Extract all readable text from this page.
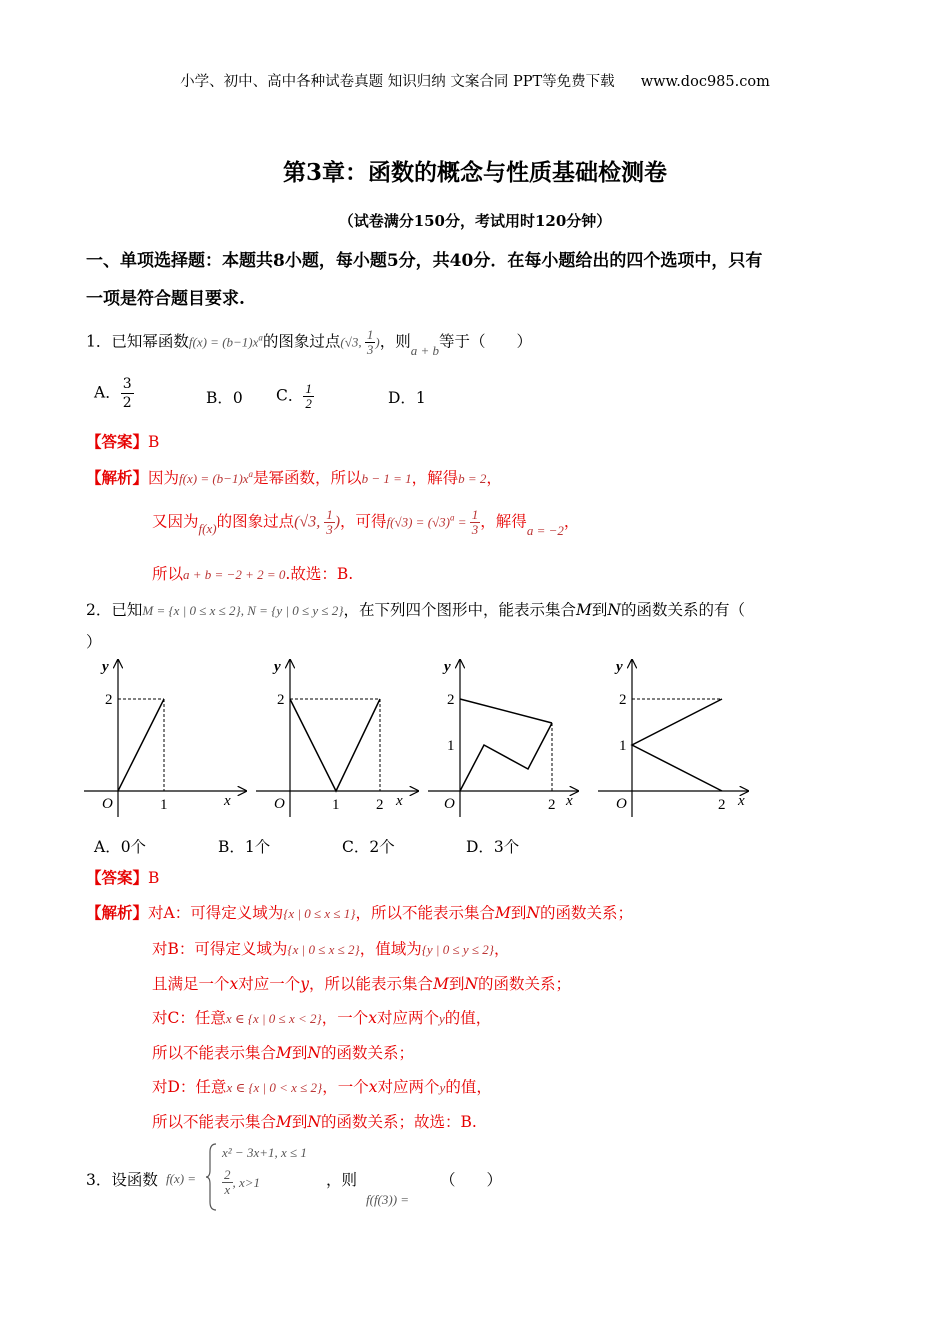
小学、初中、高中各种试卷真题 知识归纳 文案合同 PPT等免费下载 www.doc985.com
第3章：函数的概念与性质基础检测卷
（试卷满分150分，考试用时120分钟）
一、单项选择题：本题共8小题，每小题5分，共40分．在每小题给出的四个选项中，只有
一项是符合题目要求.
1．已知幂函数$f(x) = (b-1)x^a$的图象过点(√3, $\frac{1}{3}$ )，则$_{a + b}$等于（　　）
A． $\frac{3}{2}$	B．0 C． $\frac{1}{2}$	D．1
【答案】B
【解析】因为$f(x) = (b-1)x^a$是幂函数，所以b − 1 = 1，解得b = 2，
又因为$_{f(x)}$的图象过点(√3, $\frac{1}{3}$ )，可得$f(√3) = (√3)^a = \frac{1}{3}$ ，解得$_{a = -2}$，
所以a + b = −2 + 2 = 0.故选：B.
2．已知M = {x | 0 ≤ x ≤ 2}, N = {y | 0 ≤ y ≤ 2}，在下列四个图形中，能表示集合M到N的函数关系的有（
）
y
2
O	1	x
y
2
O	1 2 x
y
2
1
O	2 x
y
2
1
O	2 x
A．0个	B．1个	C．2个	D．3个
【答案】B
【解析】对A：可得定义域为{x | 0 ≤ x ≤ 1}，所以不能表示集合M到N的函数关系；
对B：可得定义域为{x | 0 ≤ x ≤ 2}，值域为{y | 0 ≤ y ≤ 2}，
且满足一个x对应一个y，所以能表示集合M到N的函数关系；
对C：任意x ∈ {x | 0 ≤ x < 2}，一个x对应两个y的值，
所以不能表示集合M到N的函数关系；
对D：任意x ∈ {x | 0 < x ≤ 2}，一个x对应两个y的值，
所以不能表示集合M到N的函数关系；故选：B.
3．设函数 f(x) =
x² − 3x+1, x ≤ 1
$\frac{2}{x}$ , x>1	，则
f(f(3)) =
（　　）
